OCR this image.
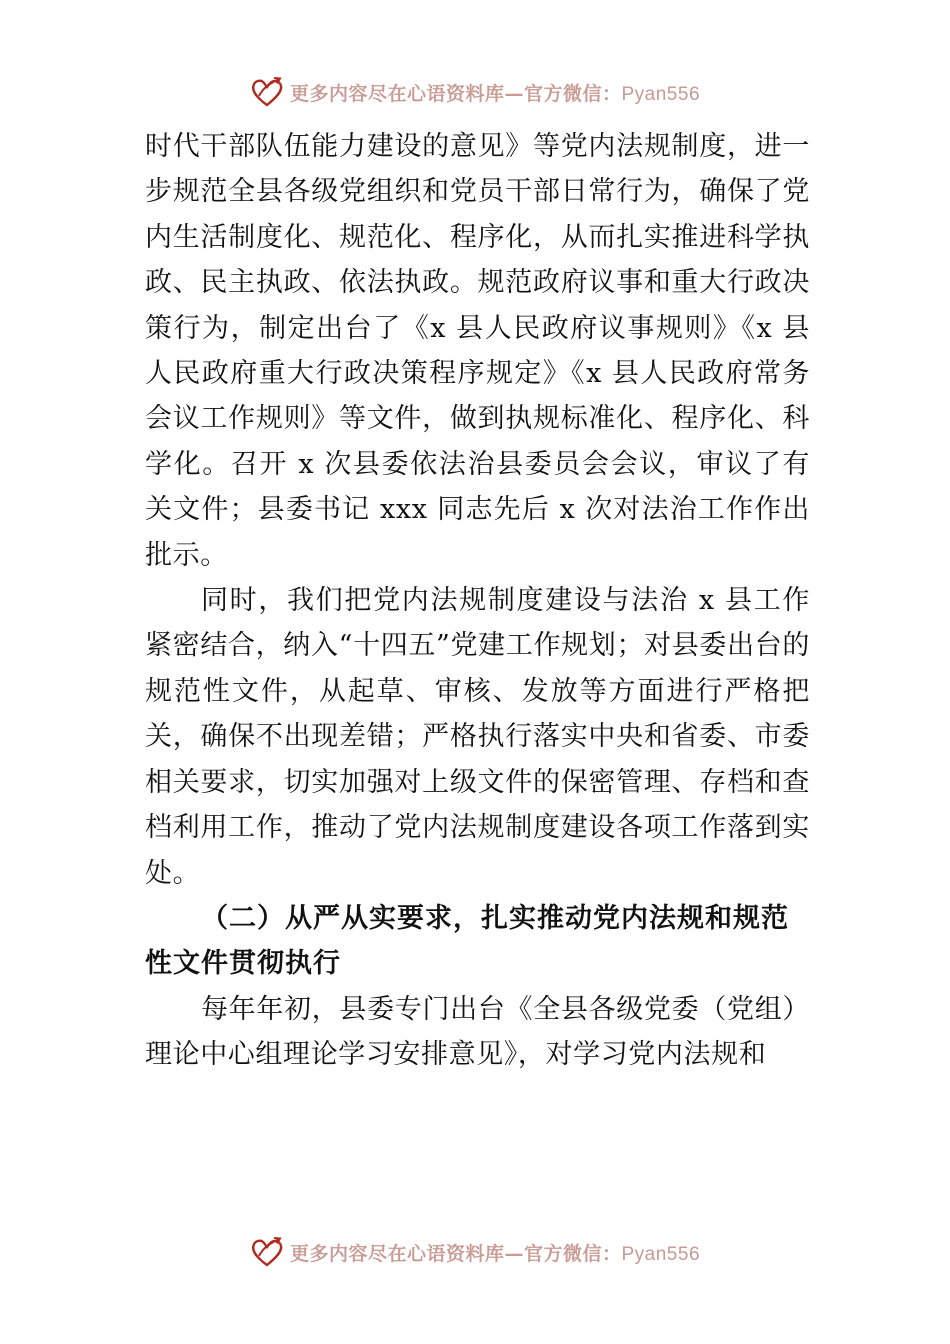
更多内容尽在心语资料库—官方微信：Pyan556

时代干部队伍能力建设的意见》等党内法规制度，进一步规范全县各级党组织和党员干部日常行为，确保了党内生活制度化、规范化、程序化，从而扎实推进科学执政、民主执政、依法执政。规范政府议事和重大行政决策行为，制定出台了《x 县人民政府议事规则》《x 县人民政府重大行政决策程序规定》《x 县人民政府常务会议工作规则》等文件，做到执规标准化、程序化、科学化。召开 x 次县委依法治县委员会会议，审议了有关文件；县委书记 xxx 同志先后 x 次对法治工作作出批示。

同时，我们把党内法规制度建设与法治 x 县工作紧密结合，纳入“十四五”党建工作规划；对县委出台的规范性文件，从起草、审核、发放等方面进行严格把关，确保不出现差错；严格执行落实中央和省委、市委相关要求，切实加强对上级文件的保密管理、存档和查档利用工作，推动了党内法规制度建设各项工作落到实处。

（二）从严从实要求，扎实推动党内法规和规范性文件贯彻执行

每年年初，县委专门出台《全县各级党委（党组）理论中心组理论学习安排意见》，对学习党内法规和

更多内容尽在心语资料库—官方微信：Pyan556
